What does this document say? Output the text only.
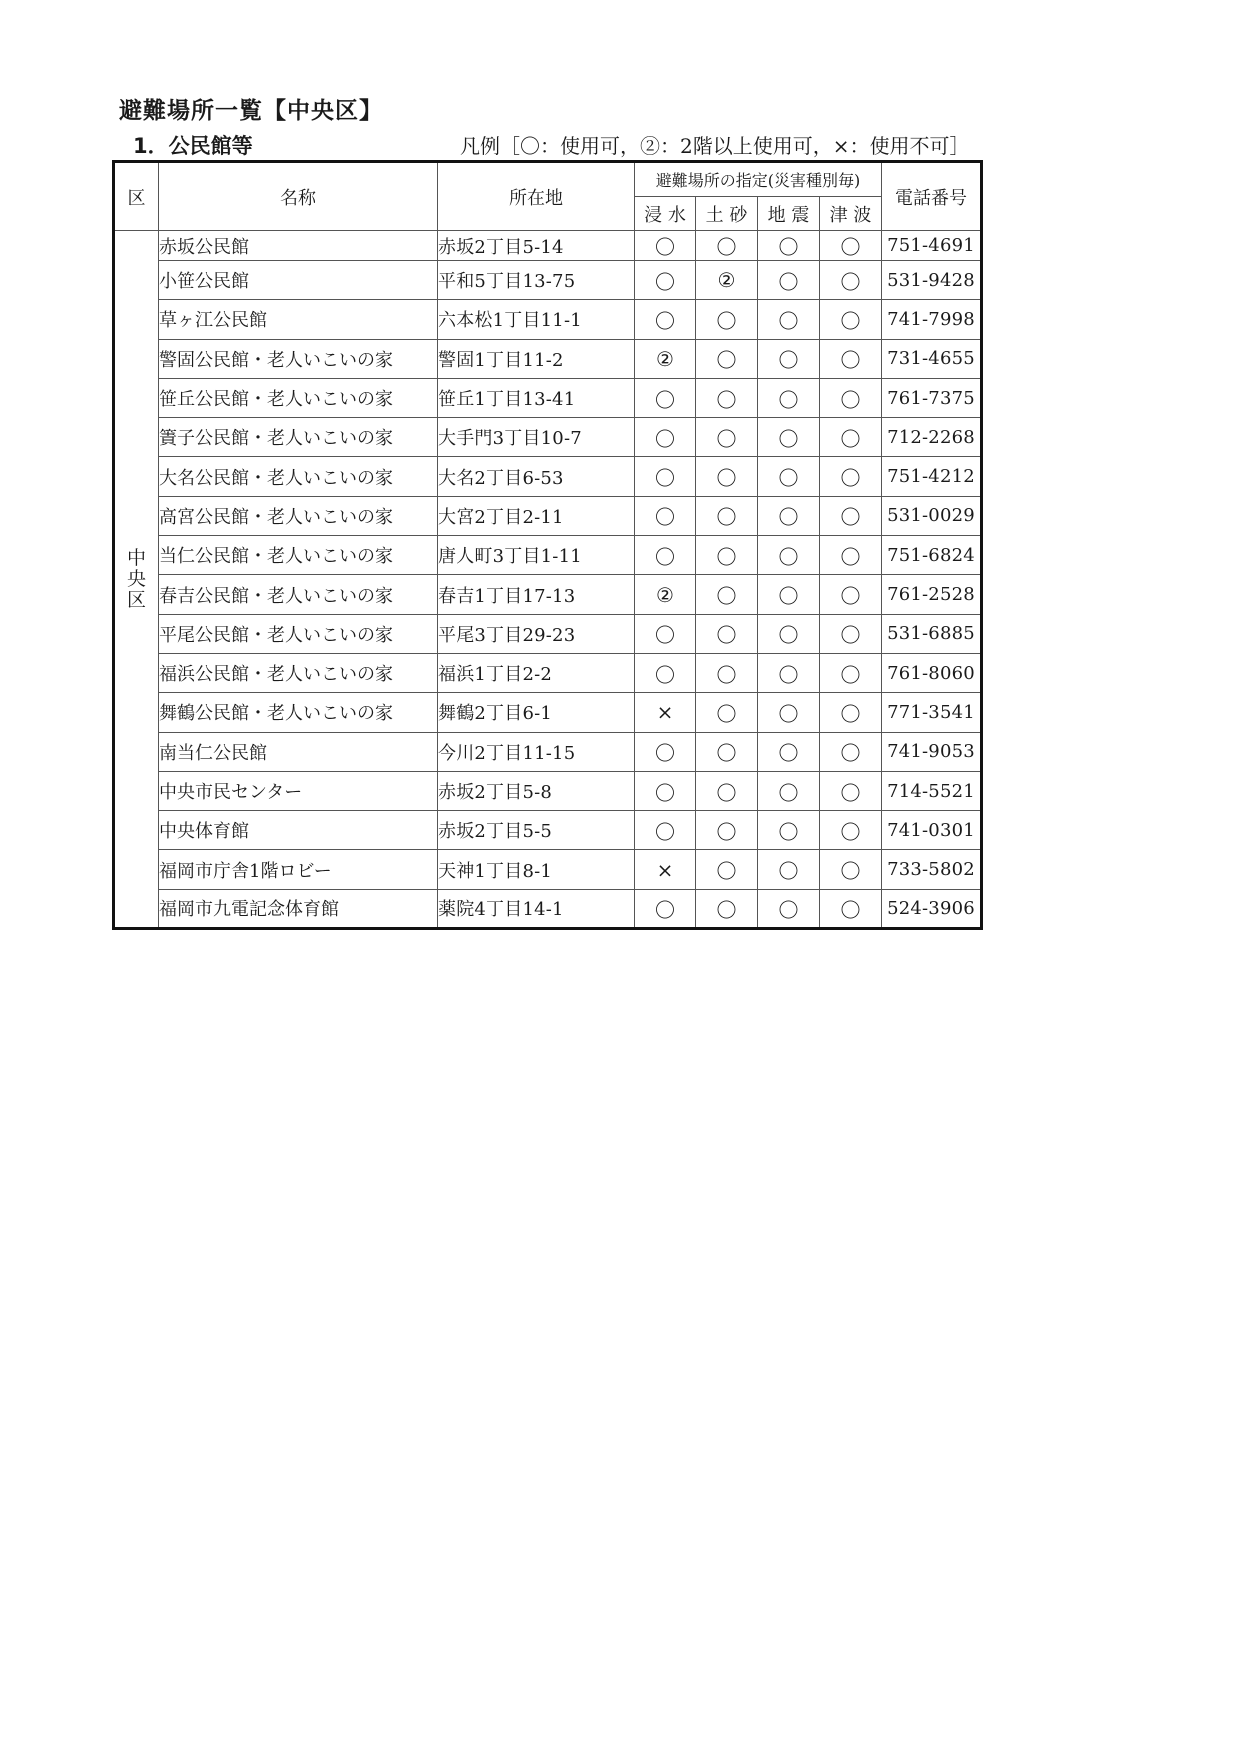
避難場所一覧【中央区】
1．公民館等	凡例［〇：使用可，②：2階以上使用可，×：使用不可］
区	名称	所在地	避難場所の指定(災害種別毎)				電話番号
			浸 水	土 砂	地 震	津 波	

中
央
区	赤坂公民館	赤坂2丁目5-14	〇	〇	〇	〇	751-4691
	小笹公民館	平和5丁目13-75	〇	②	〇	〇	531-9428
	草ヶ江公民館	六本松1丁目11-1	〇	〇	〇	〇	741-7998
	警固公民館・老人いこいの家	警固1丁目11-2	②	〇	〇	〇	731-4655
	笹丘公民館・老人いこいの家	笹丘1丁目13-41	〇	〇	〇	〇	761-7375
	簀子公民館・老人いこいの家	大手門3丁目10-7	〇	〇	〇	〇	712-2268
	大名公民館・老人いこいの家	大名2丁目6-53	〇	〇	〇	〇	751-4212
	高宮公民館・老人いこいの家	大宮2丁目2-11	〇	〇	〇	〇	531-0029
	当仁公民館・老人いこいの家	唐人町3丁目1-11	〇	〇	〇	〇	751-6824
	春吉公民館・老人いこいの家	春吉1丁目17-13	②	〇	〇	〇	761-2528
	平尾公民館・老人いこいの家	平尾3丁目29-23	〇	〇	〇	〇	531-6885
	福浜公民館・老人いこいの家	福浜1丁目2-2	〇	〇	〇	〇	761-8060
	舞鶴公民館・老人いこいの家	舞鶴2丁目6-1	×	〇	〇	〇	771-3541
	南当仁公民館	今川2丁目11-15	〇	〇	〇	〇	741-9053
	中央市民センター	赤坂2丁目5-8	〇	〇	〇	〇	714-5521
	中央体育館	赤坂2丁目5-5	〇	〇	〇	〇	741-0301
	福岡市庁舎1階ロビー	天神1丁目8-1	×	〇	〇	〇	733-5802
	福岡市九電記念体育館	薬院4丁目14-1	〇	〇	〇	〇	524-3906
